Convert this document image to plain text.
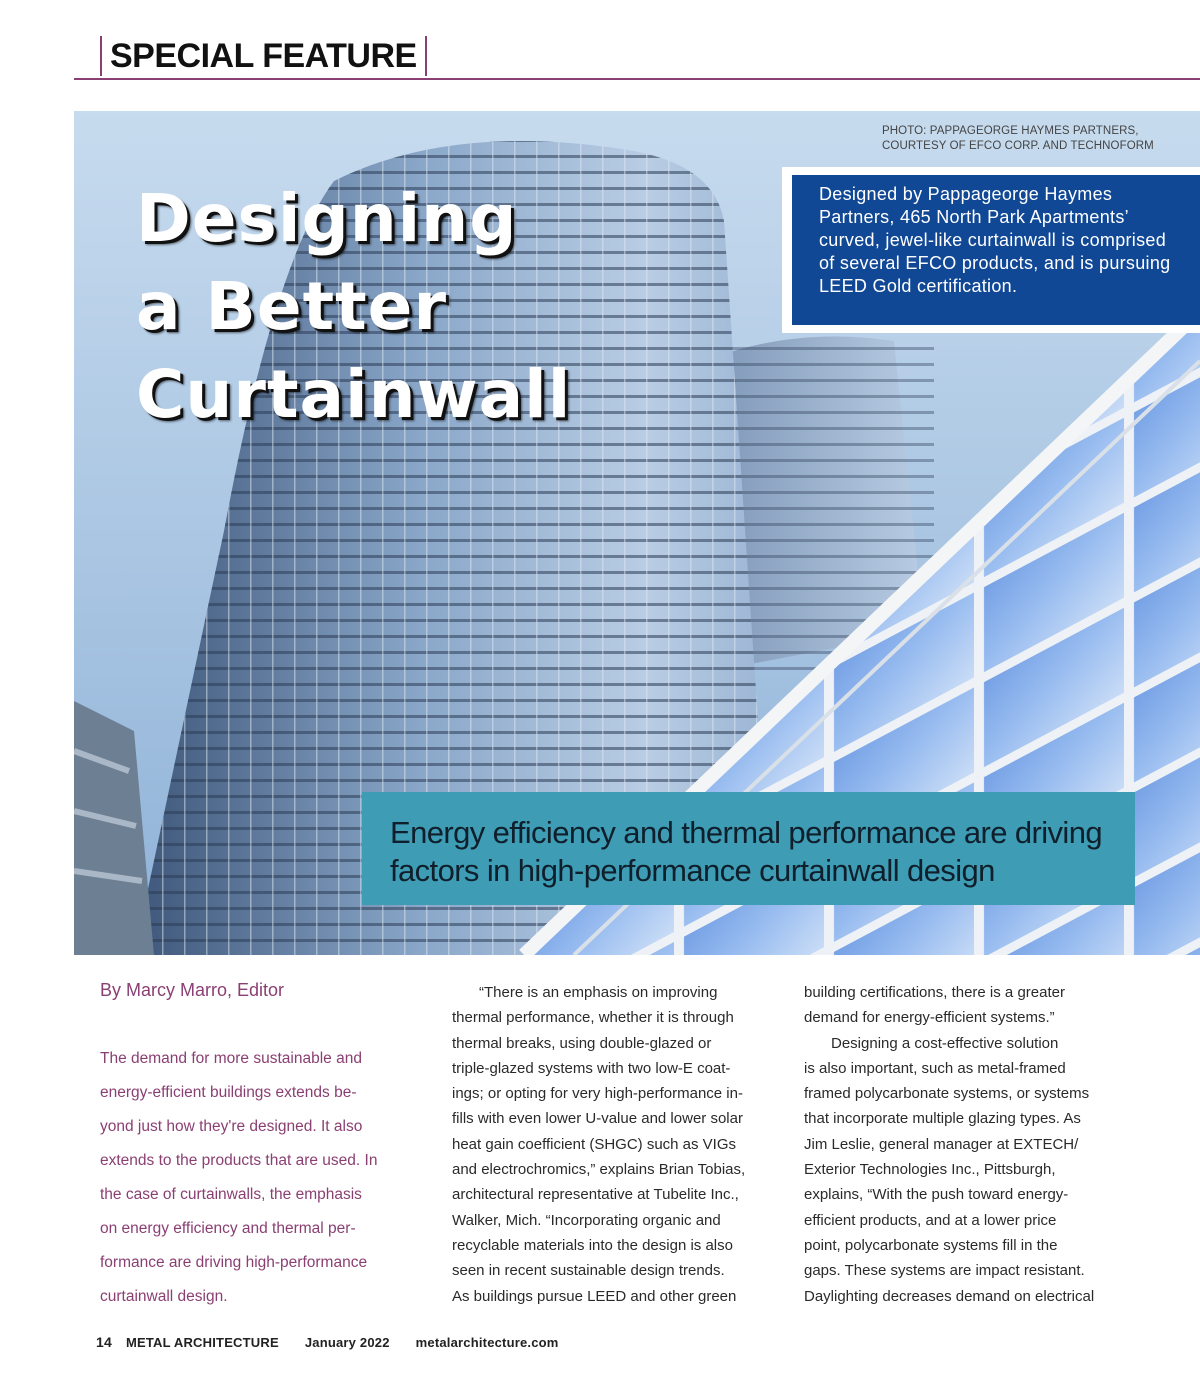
SPECIAL FEATURE
PHOTO: PAPPAGEORGE HAYMES PARTNERS,
COURTESY OF EFCO CORP. AND TECHNOFORM
Designed by Pappageorge Haymes Partners, 465 North Park Apartments’ curved, jewel-like curtainwall is comprised of several EFCO products, and is pursuing LEED Gold certification.
Designing
a Better
Curtainwall
Energy efficiency and thermal performance are driving factors in high-performance curtainwall design
By Marcy Marro, Editor
The demand for more sustainable and
energy-efficient buildings extends be-
yond just how they're designed. It also
extends to the products that are used. In
the case of curtainwalls, the emphasis
on energy efficiency and thermal per-
formance are driving high-performance
curtainwall design.
“There is an emphasis on improving
thermal performance, whether it is through
thermal breaks, using double-glazed or
triple-glazed systems with two low-E coat-
ings; or opting for very high-performance in-
fills with even lower U-value and lower solar
heat gain coefficient (SHGC) such as VIGs
and electrochromics,” explains Brian Tobias,
architectural representative at Tubelite Inc.,
Walker, Mich. “Incorporating organic and
recyclable materials into the design is also
seen in recent sustainable design trends.
As buildings pursue LEED and other green
building certifications, there is a greater
demand for energy-efficient systems.”
Designing a cost-effective solution
is also important, such as metal-framed
framed polycarbonate systems, or systems
that incorporate multiple glazing types. As
Jim Leslie, general manager at EXTECH/
Exterior Technologies Inc., Pittsburgh,
explains, “With the push toward energy-
efficient products, and at a lower price
point, polycarbonate systems fill in the
gaps. These systems are impact resistant.
Daylighting decreases demand on electrical
14 METAL ARCHITECTURE January 2022 metalarchitecture.com
